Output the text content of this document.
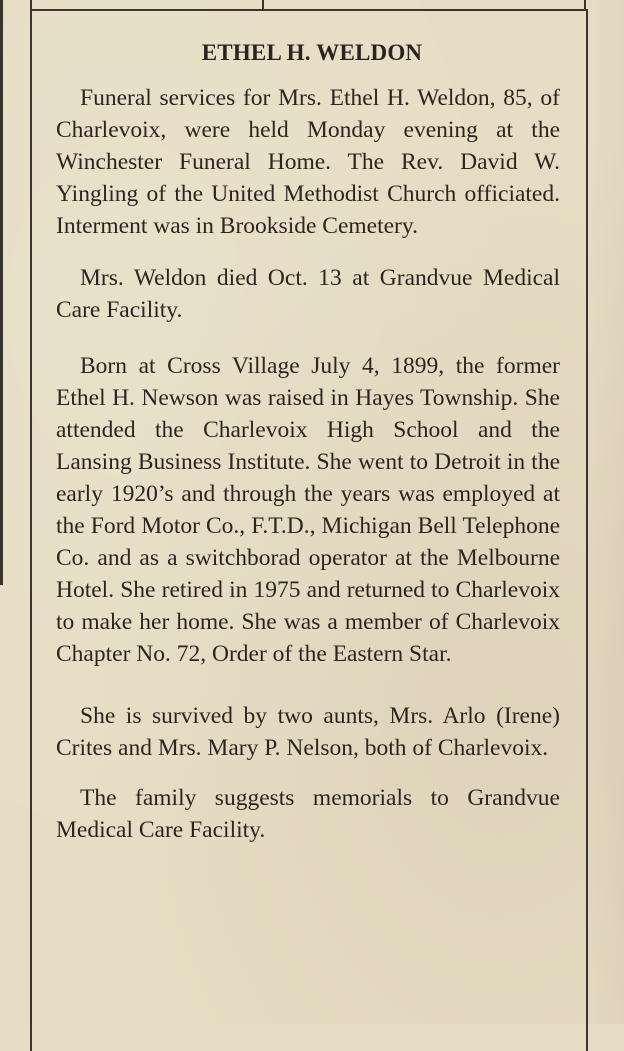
ETHEL H. WELDON

Funeral services for Mrs. Ethel H. Weldon, 85, of Charlevoix, were held Monday evening at the Winchester Funeral Home. The Rev. David W. Yingling of the United Methodist Church officiated. Interment was in Brookside Cemetery.

Mrs. Weldon died Oct. 13 at Grandvue Medical Care Facility.

Born at Cross Village July 4, 1899, the former Ethel H. Newson was raised in Hayes Township. She attended the Charlevoix High School and the Lansing Business Institute. She went to Detroit in the early 1920’s and through the years was employed at the Ford Motor Co., F.T.D., Michigan Bell Telephone Co. and as a switchborad operator at the Melbourne Hotel. She retired in 1975 and returned to Charlevoix to make her home. She was a member of Charlevoix Chapter No. 72, Order of the Eastern Star.

She is survived by two aunts, Mrs. Arlo (Irene) Crites and Mrs. Mary P. Nelson, both of Charlevoix.

The family suggests memorials to Grandvue Medical Care Facility.
